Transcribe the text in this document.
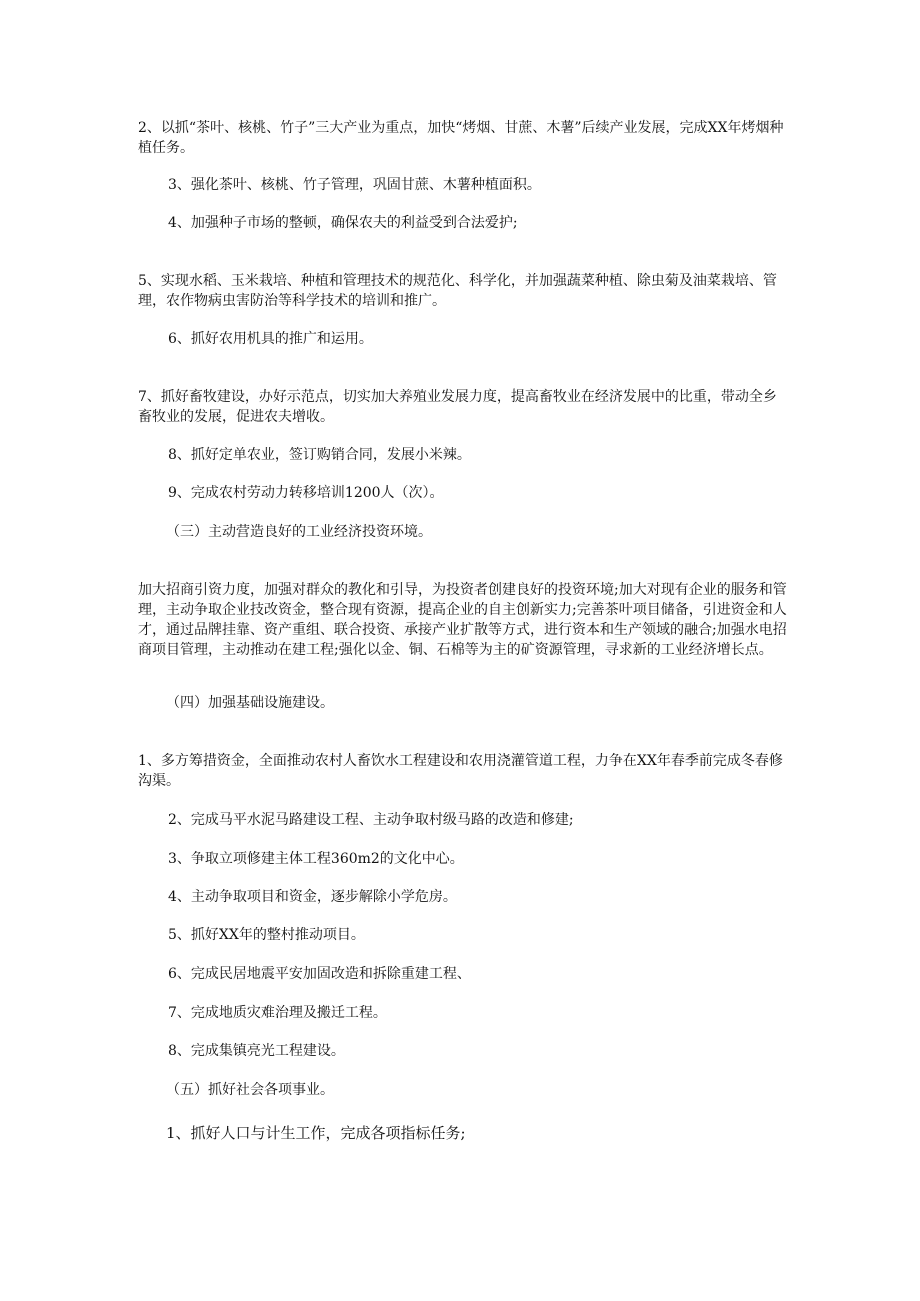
2、以抓“茶叶、核桃、竹子”三大产业为重点，加快“烤烟、甘蔗、木薯”后续产业发展，完成XX年烤烟种植任务。

3、强化茶叶、核桃、竹子管理，巩固甘蔗、木薯种植面积。

4、加强种子市场的整顿，确保农夫的利益受到合法爱护;

5、实现水稻、玉米栽培、种植和管理技术的规范化、科学化，并加强蔬菜种植、除虫菊及油菜栽培、管理，农作物病虫害防治等科学技术的培训和推广。

6、抓好农用机具的推广和运用。

7、抓好畜牧建设，办好示范点，切实加大养殖业发展力度，提高畜牧业在经济发展中的比重，带动全乡畜牧业的发展，促进农夫增收。

8、抓好定单农业，签订购销合同，发展小米辣。

9、完成农村劳动力转移培训1200人（次）。

（三）主动营造良好的工业经济投资环境。

加大招商引资力度，加强对群众的教化和引导，为投资者创建良好的投资环境;加大对现有企业的服务和管理，主动争取企业技改资金，整合现有资源，提高企业的自主创新实力;完善茶叶项目储备，引进资金和人才，通过品牌挂靠、资产重组、联合投资、承接产业扩散等方式，进行资本和生产领域的融合;加强水电招商项目管理，主动推动在建工程;强化以金、铜、石棉等为主的矿资源管理，寻求新的工业经济增长点。

（四）加强基础设施建设。

1、多方筹措资金，全面推动农村人畜饮水工程建设和农用浇灌管道工程，力争在XX年春季前完成冬春修沟渠。

2、完成马平水泥马路建设工程、主动争取村级马路的改造和修建;

3、争取立项修建主体工程360m2的文化中心。

4、主动争取项目和资金，逐步解除小学危房。

5、抓好XX年的整村推动项目。

6、完成民居地震平安加固改造和拆除重建工程、

7、完成地质灾难治理及搬迁工程。

8、完成集镇亮光工程建设。

（五）抓好社会各项事业。

1、抓好人口与计生工作，完成各项指标任务;
